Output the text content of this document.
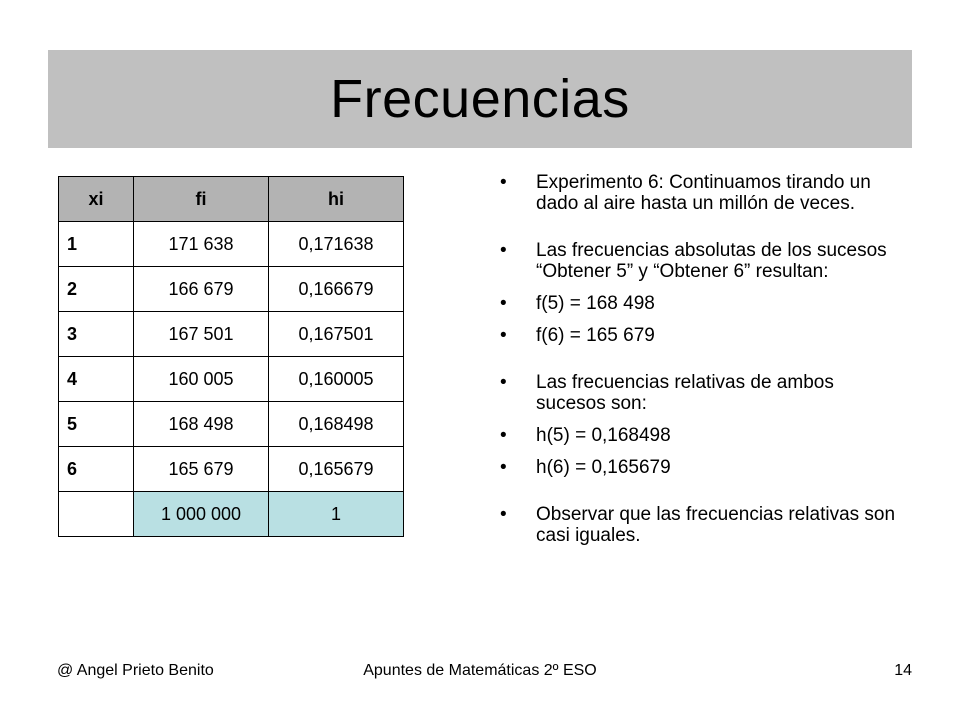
Frecuencias
xi	fi	hi
1	171 638	0,171638
2	166 679	0,166679
3	167 501	0,167501
4	160 005	0,160005
5	168 498	0,168498
6	165 679	0,165679
	1 000 000	1
•	Experimento 6: Continuamos tirando un dado al aire hasta un millón de veces.
•	Las frecuencias absolutas de los sucesos “Obtener 5” y “Obtener 6” resultan:
•	f(5) = 168 498
•	f(6) = 165 679
•	Las frecuencias relativas de ambos sucesos son:
•	h(5) = 0,168498
•	h(6) = 0,165679
•	Observar que las frecuencias relativas son casi iguales.
@ Angel Prieto Benito	Apuntes de Matemáticas 2º ESO	14
